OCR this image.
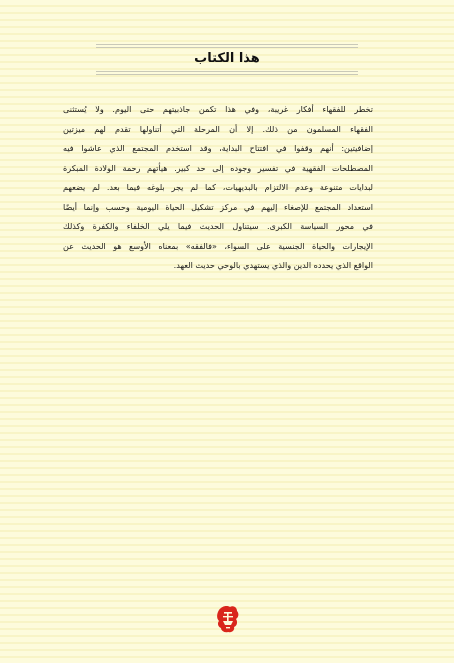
هذا الكتاب
تخطر للفقهاء أفكار غريبة، وفي هذا تكمن جاذبيتهم حتى اليوم. ولا يُستثنى
الفقهاء المسلمون من ذلك. إلا أن المرحلة التي أتناولها تقدم لهم ميزتين
إضافيتين: أنهم وقفوا في افتتاح البداية، وقد استخدم المجتمع الذي عاشوا فيه
المصطلحات الفقهية في تفسير وجوده إلى حد كبير. هيأتهم رحمة الولادة المبكرة
لبدايات متنوعة وعدم الالتزام بالبديهيات، كما لم يجر بلوغه فيما بعد. لم يضعهم
استعداد المجتمع للإصغاء إليهم في مركز تشكيل الحياة اليومية وحسب وإنما أيضًا
في محور السياسة الكبرى. سيتناول الحديث فيما يلي الخلفاء والكفرة وكذلك
الإيجارات والحياة الجنسية على السواء، «فالفقه» بمعناه الأوسع هو الحديث عن
الواقع الذي يحدده الدين والذي يستهدي بالوحي حديث العهد.
